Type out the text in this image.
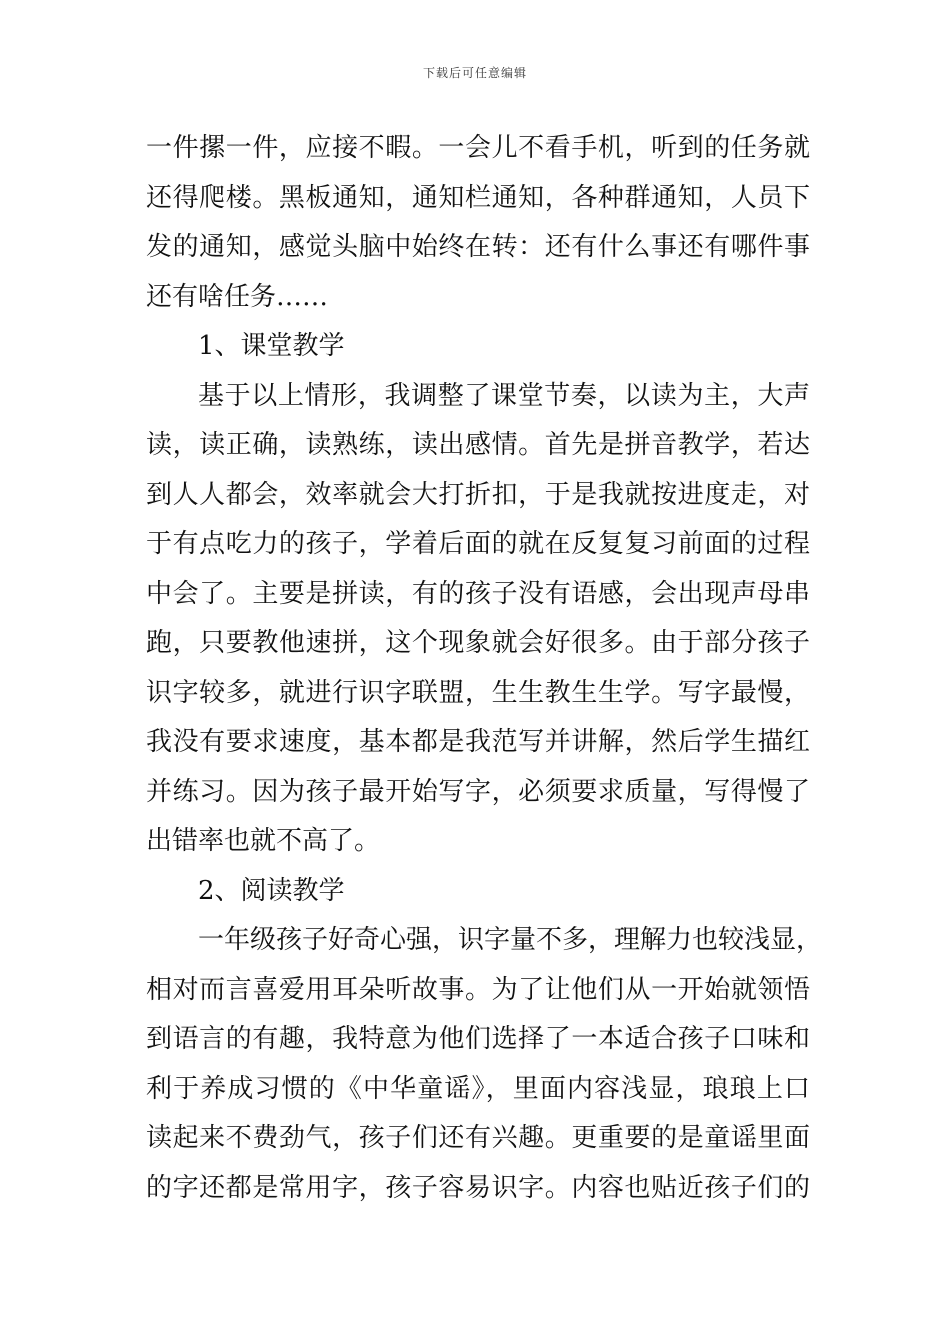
下载后可任意编辑
一件摞一件，应接不暇。一会儿不看手机，听到的任务就
还得爬楼。黑板通知，通知栏通知，各种群通知，人员下
发的通知，感觉头脑中始终在转：还有什么事还有哪件事
还有啥任务……
1、课堂教学
基于以上情形，我调整了课堂节奏，以读为主，大声
读，读正确，读熟练，读出感情。首先是拼音教学，若达
到人人都会，效率就会大打折扣，于是我就按进度走，对
于有点吃力的孩子，学着后面的就在反复复习前面的过程
中会了。主要是拼读，有的孩子没有语感，会出现声母串
跑，只要教他速拼，这个现象就会好很多。由于部分孩子
识字较多，就进行识字联盟，生生教生生学。写字最慢，
我没有要求速度，基本都是我范写并讲解，然后学生描红
并练习。因为孩子最开始写字，必须要求质量，写得慢了
出错率也就不高了。
2、阅读教学
一年级孩子好奇心强，识字量不多，理解力也较浅显，
相对而言喜爱用耳朵听故事。为了让他们从一开始就领悟
到语言的有趣，我特意为他们选择了一本适合孩子口味和
利于养成习惯的《中华童谣》，里面内容浅显，琅琅上口
读起来不费劲气，孩子们还有兴趣。更重要的是童谣里面
的字还都是常用字，孩子容易识字。内容也贴近孩子们的
